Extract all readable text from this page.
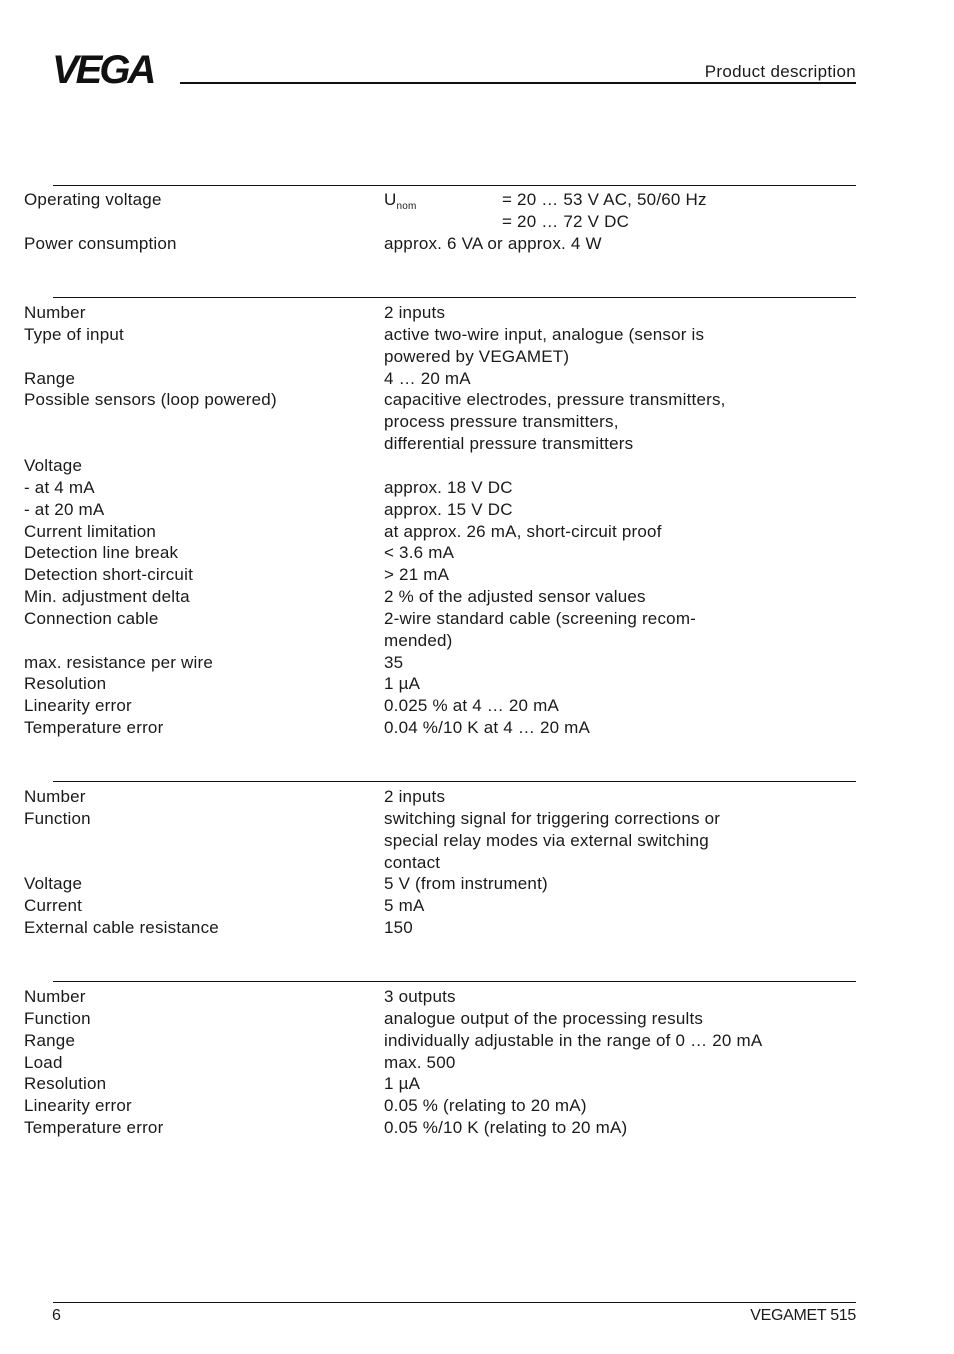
VEGA	Product description
Operating voltage	$U_{nom}$	= 20 … 53 V AC, 50/60 Hz
= 20 … 72 V DC
Power consumption	approx. 6 VA or approx. 4 W
Number	2 inputs
Type of input	active two-wire input, analogue (sensor is
powered by VEGAMET)
Range	4 … 20 mA
Possible sensors (loop powered)	capacitive electrodes, pressure transmitters,
process pressure transmitters,
differential pressure transmitters
Voltage
- at 4 mA	approx. 18 V DC
- at 20 mA	approx. 15 V DC
Current limitation	at approx. 26 mA, short-circuit proof
Detection line break	< 3.6 mA
Detection short-circuit	> 21 mA
Min. adjustment delta	2 % of the adjusted sensor values
Connection cable	2-wire standard cable (screening recom-
mended)
max. resistance per wire	35
Resolution	1 µA
Linearity error	0.025 % at 4 … 20 mA
Temperature error	0.04 %/10 K at 4 … 20 mA
Number	2 inputs
Function	switching signal for triggering corrections or
special relay modes via external switching
contact
Voltage	5 V (from instrument)
Current	5 mA
External cable resistance	150
Number	3 outputs
Function	analogue output of the processing results
Range	individually adjustable in the range of 0 … 20 mA
Load	max. 500
Resolution	1 µA
Linearity error	0.05 % (relating to 20 mA)
Temperature error	0.05 %/10 K (relating to 20 mA)
6	VEGAMET 515
